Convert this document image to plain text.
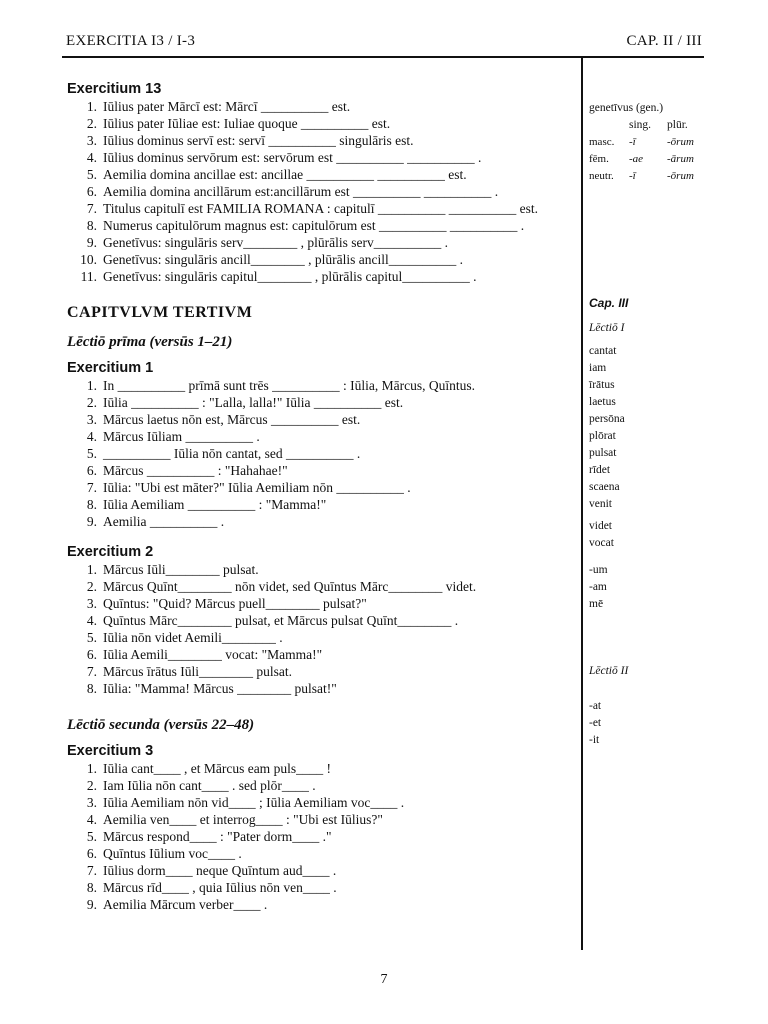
EXERCITIA I3 / I-3	CAP. II / III
Exercitium 13
1. Iūlius pater Mārcī est: Mārcī __________ est.
2. Iūlius pater Iūliae est: Iuliae quoque __________ est.
3. Iūlius dominus servī est: servī __________ singulāris est.
4. Iūlius dominus servōrum est: servōrum est __________ __________ .
5. Aemilia domina ancillae est: ancillae __________ __________ est.
6. Aemilia domina ancillārum est:ancillārum est __________ __________ .
7. Titulus capitulī est FAMILIA ROMANA : capitulī __________ __________ est.
8. Numerus capitulōrum magnus est: capitulōrum est __________ __________ .
9. Genetīvus: singulāris serv________ , plūrālis serv__________ .
10. Genetīvus: singulāris ancill________ , plūrālis ancill__________ .
11. Genetīvus: singulāris capitul________ , plūrālis capitul__________ .
CAPITVLVM TERTIVM
Lēctiō prīma (versūs 1–21)
Exercitium 1
1. In __________ prīmā sunt trēs __________ : Iūlia, Mārcus, Quīntus.
2. Iūlia __________ : "Lalla, lalla!" Iūlia __________ est.
3. Mārcus laetus nōn est, Mārcus __________ est.
4. Mārcus Iūliam __________ .
5. __________ Iūlia nōn cantat, sed __________ .
6. Mārcus __________ : "Hahahae!"
7. Iūlia: "Ubi est māter?" Iūlia Aemiliam nōn __________ .
8. Iūlia Aemiliam __________ : "Mamma!"
9. Aemilia __________ .
Exercitium 2
1. Mārcus Iūli________ pulsat.
2. Mārcus Quīnt________ nōn videt, sed Quīntus Mārc________ videt.
3. Quīntus: "Quid? Mārcus puell________ pulsat?"
4. Quīntus Mārc________ pulsat, et Mārcus pulsat Quīnt________ .
5. Iūlia nōn videt Aemili________ .
6. Iūlia Aemili________ vocat: "Mamma!"
7. Mārcus īrātus Iūli________ pulsat.
8. Iūlia: "Mamma! Mārcus ________ pulsat!"
Lēctiō secunda (versūs 22–48)
Exercitium 3
1. Iūlia cant____ , et Mārcus eam puls____ !
2. Iam Iūlia nōn cant____ . sed plōr____ .
3. Iūlia Aemiliam nōn vid____ ; Iūlia Aemiliam voc____ .
4. Aemilia ven____ et interrog____ : "Ubi est Iūlius?"
5. Mārcus respond____ : "Pater dorm____ ."
6. Quīntus Iūlium voc____ .
7. Iūlius dorm____ neque Quīntum aud____ .
8. Mārcus rīd____ , quia Iūlius nōn ven____ .
9. Aemilia Mārcum verber____ .
genetīvus (gen.)
sing.	plūr.
masc.	-ī	-ōrum
fēm.	-ae	-ārum
neutr.	-ī	-ōrum
Cap. III
Lēctiō I
cantat
iam
īrātus
laetus
persōna
plōrat
pulsat
rīdet
scaena
venit
videt
vocat
-um
-am
mē
Lēctiō II
-at
-et
-it
7
